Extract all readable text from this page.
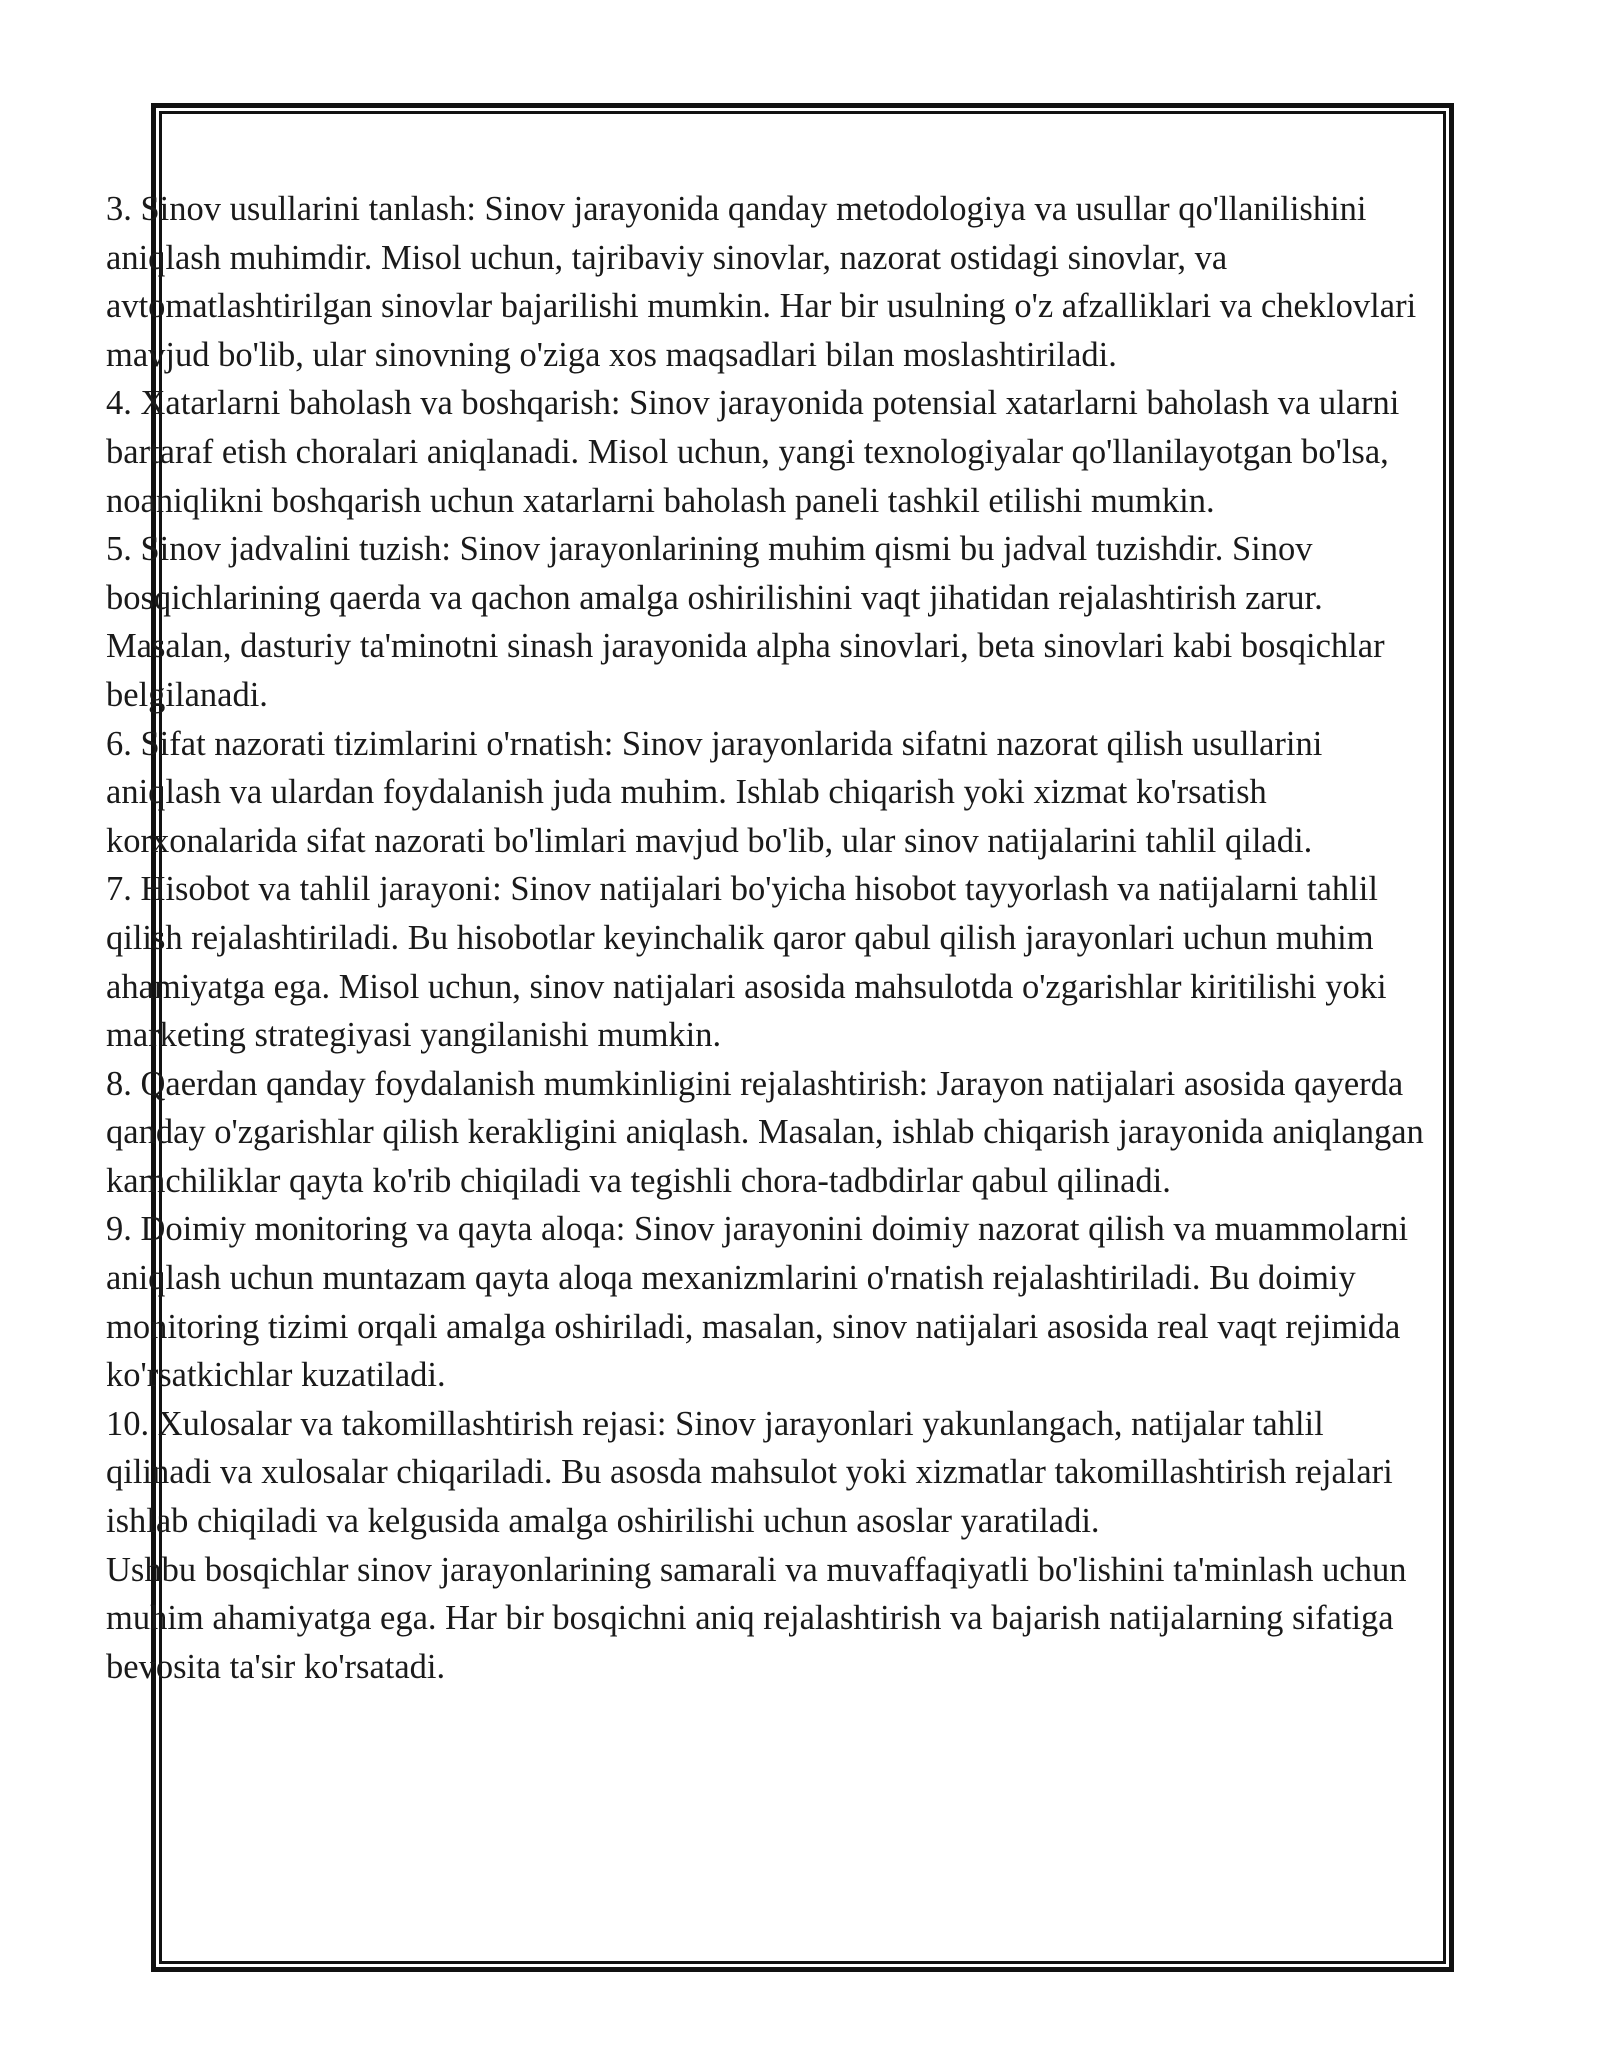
3. Sinov usullarini tanlash: Sinov jarayonida qanday metodologiya va usullar qo'llanilishini aniqlash muhimdir. Misol uchun, tajribaviy sinovlar, nazorat ostidagi sinovlar, va avtomatlashtirilgan sinovlar bajarilishi mumkin. Har bir usulning o'z afzalliklari va cheklovlari mavjud bo'lib, ular sinovning o'ziga xos maqsadlari bilan moslashtiriladi.

4. Xatarlarni baholash va boshqarish: Sinov jarayonida potensial xatarlarni baholash va ularni bartaraf etish choralari aniqlanadi. Misol uchun, yangi texnologiyalar qo'llanilayotgan bo'lsa, noaniqlikni boshqarish uchun xatarlarni baholash paneli tashkil etilishi mumkin.

5. Sinov jadvalini tuzish: Sinov jarayonlarining muhim qismi bu jadval tuzishdir. Sinov bosqichlarining qaerda va qachon amalga oshirilishini vaqt jihatidan rejalashtirish zarur. Masalan, dasturiy ta'minotni sinash jarayonida alpha sinovlari, beta sinovlari kabi bosqichlar belgilanadi.

6. Sifat nazorati tizimlarini o'rnatish: Sinov jarayonlarida sifatni nazorat qilish usullarini aniqlash va ulardan foydalanish juda muhim. Ishlab chiqarish yoki xizmat ko'rsatish korxonalarida sifat nazorati bo'limlari mavjud bo'lib, ular sinov natijalarini tahlil qiladi.

7. Hisobot va tahlil jarayoni: Sinov natijalari bo'yicha hisobot tayyorlash va natijalarni tahlil qilish rejalashtiriladi. Bu hisobotlar keyinchalik qaror qabul qilish jarayonlari uchun muhim ahamiyatga ega. Misol uchun, sinov natijalari asosida mahsulotda o'zgarishlar kiritilishi yoki marketing strategiyasi yangilanishi mumkin.

8. Qaerdan qanday foydalanish mumkinligini rejalashtirish: Jarayon natijalari asosida qayerda qanday o'zgarishlar qilish kerakligini aniqlash. Masalan, ishlab chiqarish jarayonida aniqlangan kamchiliklar qayta ko'rib chiqiladi va tegishli chora-tadbdirlar qabul qilinadi.

9. Doimiy monitoring va qayta aloqa: Sinov jarayonini doimiy nazorat qilish va muammolarni aniqlash uchun muntazam qayta aloqa mexanizmlarini o'rnatish rejalashtiriladi. Bu doimiy monitoring tizimi orqali amalga oshiriladi, masalan, sinov natijalari asosida real vaqt rejimida ko'rsatkichlar kuzatiladi.

10. Xulosalar va takomillashtirish rejasi: Sinov jarayonlari yakunlangach, natijalar tahlil qilinadi va xulosalar chiqariladi. Bu asosda mahsulot yoki xizmatlar takomillashtirish rejalari ishlab chiqiladi va kelgusida amalga oshirilishi uchun asoslar yaratiladi.

Ushbu bosqichlar sinov jarayonlarining samarali va muvaffaqiyatli bo'lishini ta'minlash uchun muhim ahamiyatga ega. Har bir bosqichni aniq rejalashtirish va bajarish natijalarning sifatiga bevosita ta'sir ko'rsatadi.
